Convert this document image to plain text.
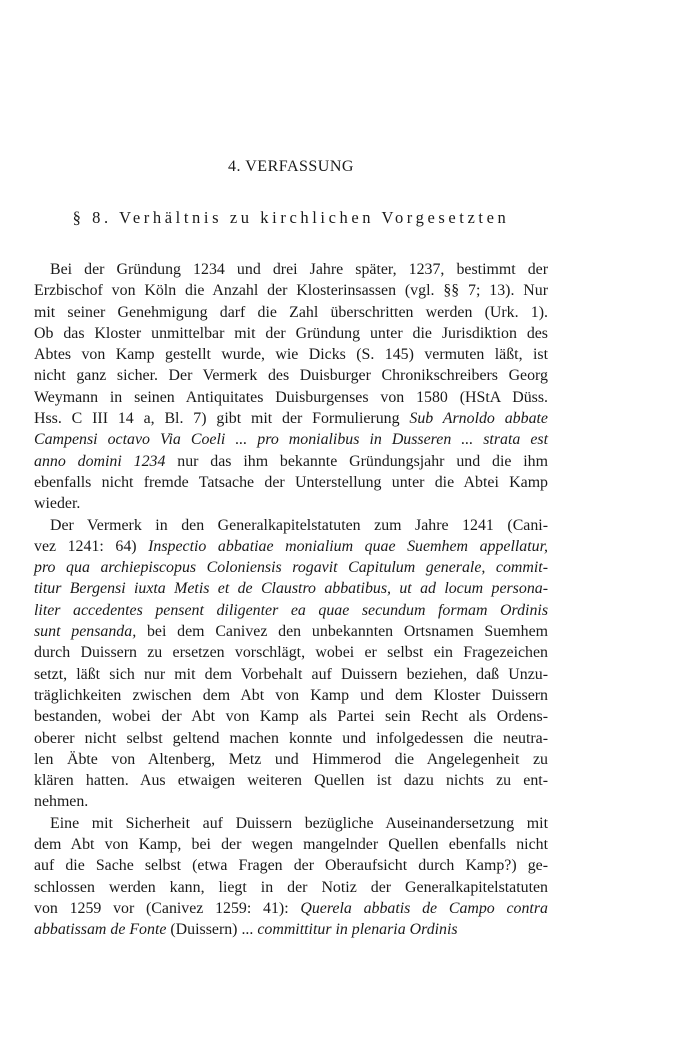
4. VERFASSUNG
§ 8. Verhältnis zu kirchlichen Vorgesetzten
Bei der Gründung 1234 und drei Jahre später, 1237, bestimmt der
Erzbischof von Köln die Anzahl der Klosterinsassen (vgl. §§ 7; 13). Nur
mit seiner Genehmigung darf die Zahl überschritten werden (Urk. 1).
Ob das Kloster unmittelbar mit der Gründung unter die Jurisdiktion des
Abtes von Kamp gestellt wurde, wie Dicks (S. 145) vermuten läßt, ist
nicht ganz sicher. Der Vermerk des Duisburger Chronikschreibers Georg
Weymann in seinen Antiquitates Duisburgenses von 1580 (HStA Düss.
Hss. C III 14 a, Bl. 7) gibt mit der Formulierung Sub Arnoldo abbate
Campensi octavo Via Coeli ... pro monialibus in Dusseren ... strata est
anno domini 1234 nur das ihm bekannte Gründungsjahr und die ihm
ebenfalls nicht fremde Tatsache der Unterstellung unter die Abtei Kamp
wieder.
Der Vermerk in den Generalkapitelstatuten zum Jahre 1241 (Cani-
vez 1241: 64) Inspectio abbatiae monialium quae Suemhem appellatur,
pro qua archiepiscopus Coloniensis rogavit Capitulum generale, commit-
titur Bergensi iuxta Metis et de Claustro abbatibus, ut ad locum persona-
liter accedentes pensent diligenter ea quae secundum formam Ordinis
sunt pensanda, bei dem Canivez den unbekannten Ortsnamen Suemhem
durch Duissern zu ersetzen vorschlägt, wobei er selbst ein Fragezeichen
setzt, läßt sich nur mit dem Vorbehalt auf Duissern beziehen, daß Unzu-
träglichkeiten zwischen dem Abt von Kamp und dem Kloster Duissern
bestanden, wobei der Abt von Kamp als Partei sein Recht als Ordens-
oberer nicht selbst geltend machen konnte und infolgedessen die neutra-
len Äbte von Altenberg, Metz und Himmerod die Angelegenheit zu
klären hatten. Aus etwaigen weiteren Quellen ist dazu nichts zu ent-
nehmen.
Eine mit Sicherheit auf Duissern bezügliche Auseinandersetzung mit
dem Abt von Kamp, bei der wegen mangelnder Quellen ebenfalls nicht
auf die Sache selbst (etwa Fragen der Oberaufsicht durch Kamp?) ge-
schlossen werden kann, liegt in der Notiz der Generalkapitelstatuten
von 1259 vor (Canivez 1259: 41): Querela abbatis de Campo contra
abbatissam de Fonte (Duissern) ... committitur in plenaria Ordinis
